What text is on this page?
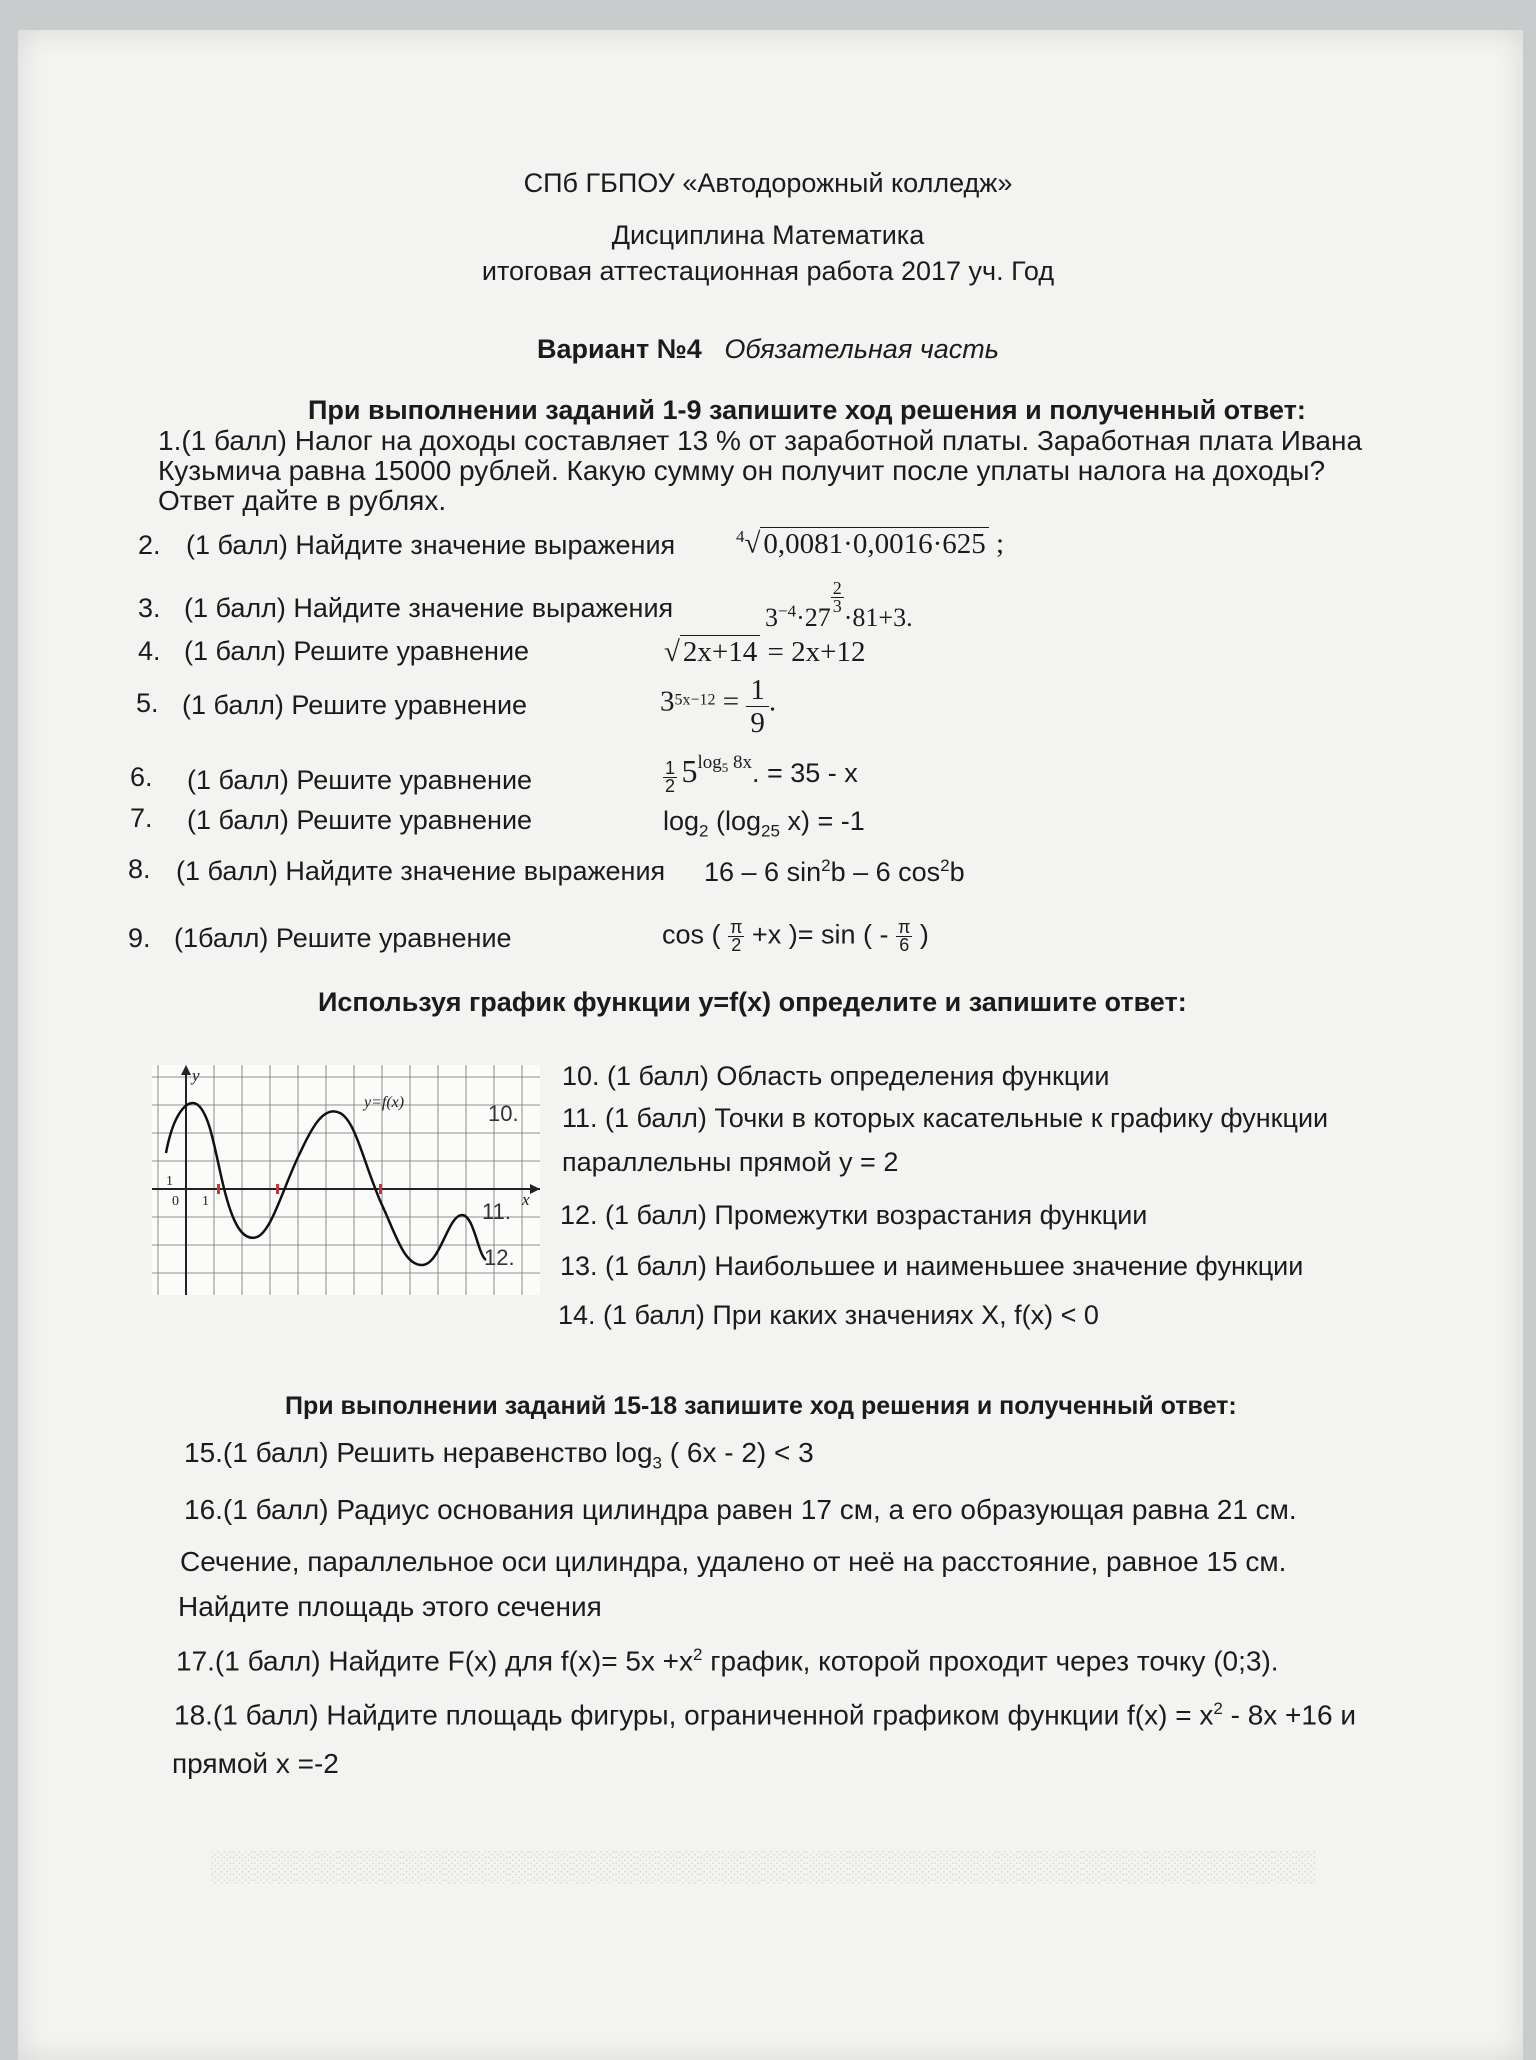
░░░░░░░░░░░░░░░░░░░░░░░░░░░░░░░░░░░░░░░░░░░░░░░░░░░░
СПб ГБПОУ «Автодорожный колледж»
Дисциплина Математика
итоговая аттестационная работа 2017 уч. Год
Вариант №4 Обязательная часть
При выполнении заданий 1-9 запишите ход решения и полученный ответ:
1.(1 балл) Налог на доходы составляет 13 % от заработной платы. Заработная плата Ивана
Кузьмича равна 15000 рублей. Какую сумму он получит после уплаты налога на доходы?
Ответ дайте в рублях.
2. (1 балл) Найдите значение выражения	$^4$√ 0,0081·0,0016·625 ;
3. (1 балл) Найдите значение выражения	$3^{-4}\cdot 27$
$\frac{2}{3}$
·81+3.
4. (1 балл) Решите уравнение	√ 2x+14 = 2x+12
5. (1 балл) Решите уравнение	$35x-12 = \frac{1}{9}$ .
6. (1 балл) Решите уравнение	$\frac{1}{2} 5\log_5$ 8x. = 35 - x
7. (1 балл) Решите уравнение	$\log_2 (\log_{25}$ x) = -1
8. (1 балл) Найдите значение выражения 16 – 6 $\sin^2b - 6$ $\cos^2b$
9. (1балл) Решите уравнение	cos ( $\frac{\pi}{2} +x$ )= sin ( - $\frac{\pi}{6}$ )
Используя график функции y=f(x) определите и запишите ответ:
1
0 1
y
x
y=f(x)	10.
11.
12.
10. (1 балл) Область определения функции
11. (1 балл) Точки в которых касательные к графику функции
параллельны прямой y = 2
12. (1 балл) Промежутки возрастания функции
13. (1 балл) Наибольшее и наименьшее значение функции
14. (1 балл) При каких значениях X, f(x) < 0
При выполнении заданий 15-18 запишите ход решения и полученный ответ:
15.(1 балл) Решить неравенство $\log_3$ ( 6x - 2) < 3
16.(1 балл) Радиус основания цилиндра равен 17 см, а его образующая равна 21 см.
Сечение, параллельное оси цилиндра, удалено от неё на расстояние, равное 15 см.
Найдите площадь этого сечения
17.(1 балл) Найдите F(x) для $f(x)= 5x +x^2$ график, которой проходит через точку (0;3).
18.(1 балл) Найдите площадь фигуры, ограниченной графиком функции $f(x) = x^2 - 8x +16$ и
прямой x =-2
